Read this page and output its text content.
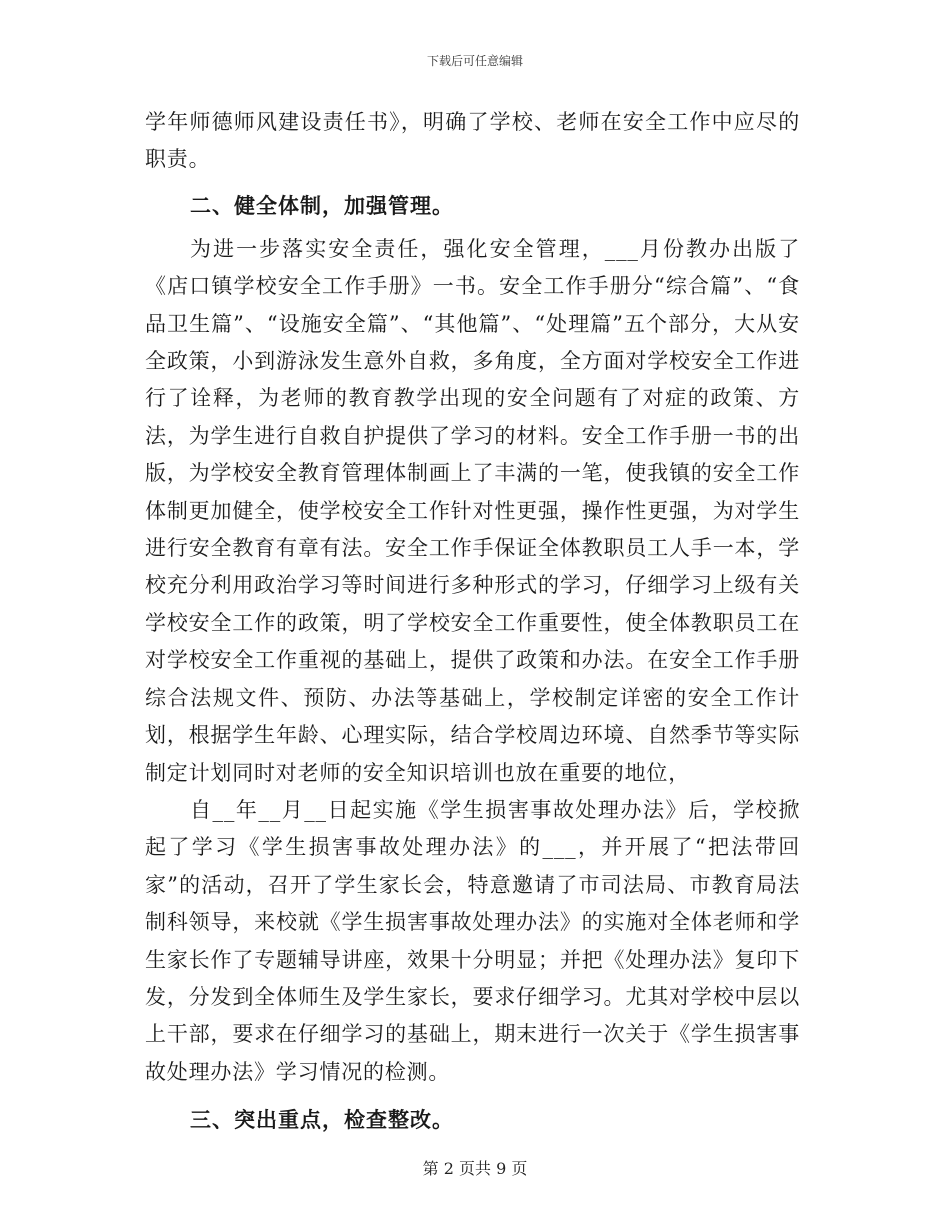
下载后可任意编辑

学年师德师风建设责任书》，明确了学校、老师在安全工作中应尽的职责。

二、健全体制，加强管理。

为进一步落实安全责任，强化安全管理，___月份教办出版了《店口镇学校安全工作手册》一书。安全工作手册分“综合篇”、“食品卫生篇”、“设施安全篇”、“其他篇”、“处理篇”五个部分，大从安全政策，小到游泳发生意外自救，多角度，全方面对学校安全工作进行了诠释，为老师的教育教学出现的安全问题有了对症的政策、方法，为学生进行自救自护提供了学习的材料。安全工作手册一书的出版，为学校安全教育管理体制画上了丰满的一笔，使我镇的安全工作体制更加健全，使学校安全工作针对性更强，操作性更强，为对学生进行安全教育有章有法。安全工作手保证全体教职员工人手一本，学校充分利用政治学习等时间进行多种形式的学习，仔细学习上级有关学校安全工作的政策，明了学校安全工作重要性，使全体教职员工在对学校安全工作重视的基础上，提供了政策和办法。在安全工作手册综合法规文件、预防、办法等基础上，学校制定详密的安全工作计划，根据学生年龄、心理实际，结合学校周边环境、自然季节等实际制定计划同时对老师的安全知识培训也放在重要的地位，

自__年__月__日起实施《学生损害事故处理办法》后，学校掀起了学习《学生损害事故处理办法》的___，并开展了“把法带回家”的活动，召开了学生家长会，特意邀请了市司法局、市教育局法制科领导，来校就《学生损害事故处理办法》的实施对全体老师和学生家长作了专题辅导讲座，效果十分明显；并把《处理办法》复印下发，分发到全体师生及学生家长，要求仔细学习。尤其对学校中层以上干部，要求在仔细学习的基础上，期末进行一次关于《学生损害事故处理办法》学习情况的检测。

三、突出重点，检查整改。

第 2 页共 9 页
